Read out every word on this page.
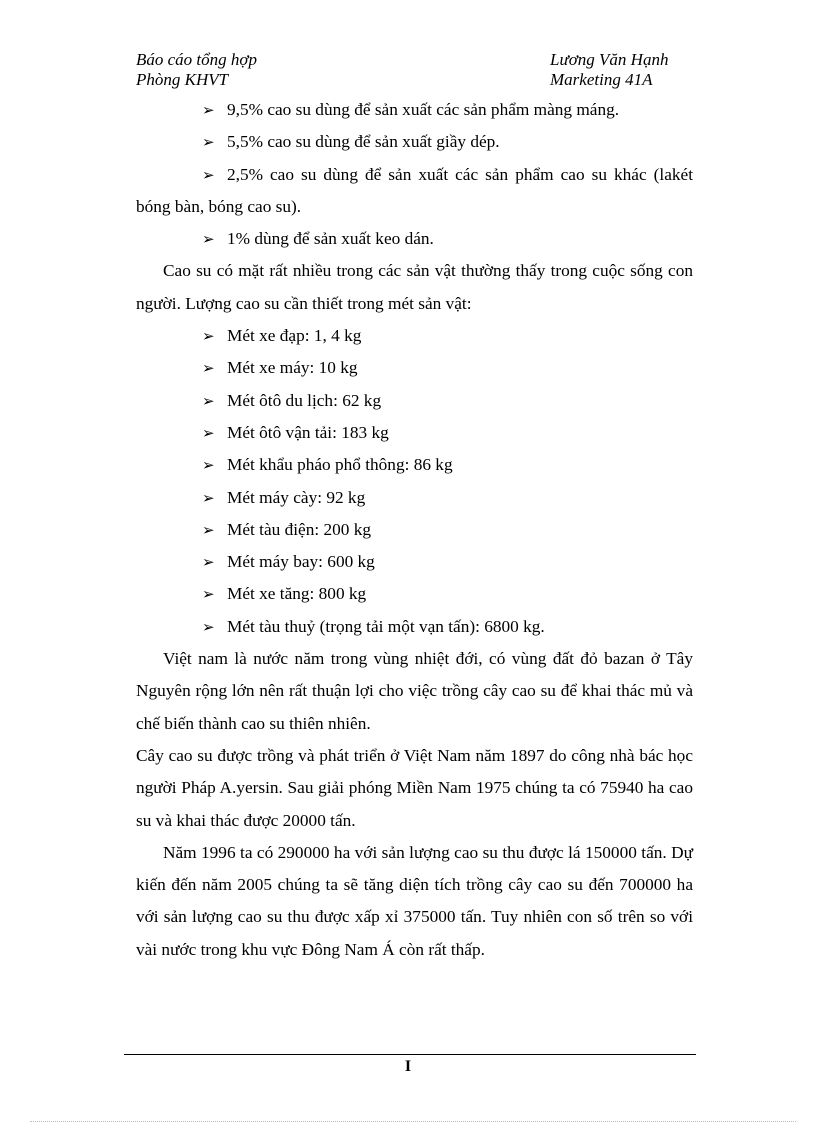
Báo cáo tổng hợp	Lương Văn Hạnh
Phòng KHVT	Marketing 41A
➢ 9,5% cao su dùng để sản xuất các sản phẩm màng máng.
➢ 5,5% cao su dùng để sản xuất giầy dép.
➢ 2,5% cao su dùng để sản xuất các sản phẩm cao su khác (lakét bóng bàn, bóng cao su).
➢ 1% dùng để sản xuất keo dán.

Cao su có mặt rất nhiều trong các sản vật thường thấy trong cuộc sống con người. Lượng cao su cần thiết trong mét sản vật:

➢ Mét xe đạp: 1, 4 kg
➢ Mét xe máy: 10 kg
➢ Mét ôtô du lịch: 62 kg
➢ Mét ôtô vận tải: 183 kg
➢ Mét khẩu pháo phổ thông: 86 kg
➢ Mét máy cày: 92 kg
➢ Mét tàu điện: 200 kg
➢ Mét máy bay: 600 kg
➢ Mét xe tăng: 800 kg
➢ Mét tàu thuỷ (trọng tải một vạn tấn): 6800 kg.

Việt nam là nước năm trong vùng nhiệt đới, có vùng đất đỏ bazan ở Tây Nguyên rộng lớn nên rất thuận lợi cho việc trồng cây cao su để khai thác mủ và chế biến thành cao su thiên nhiên.

Cây cao su được trồng và phát triển ở Việt Nam năm 1897 do công nhà bác học người Pháp A.yersin. Sau giải phóng Miền Nam 1975 chúng ta có 75940 ha cao su và khai thác được 20000 tấn.

Năm 1996 ta có 290000 ha với sản lượng cao su thu được lá 150000 tấn. Dự kiến đến năm 2005 chúng ta sẽ tăng diện tích trồng cây cao su đến 700000 ha với sản lượng cao su thu được xấp xỉ 375000 tấn. Tuy nhiên con số trên so với vài nước trong khu vực Đông Nam Á còn rất thấp.

I
